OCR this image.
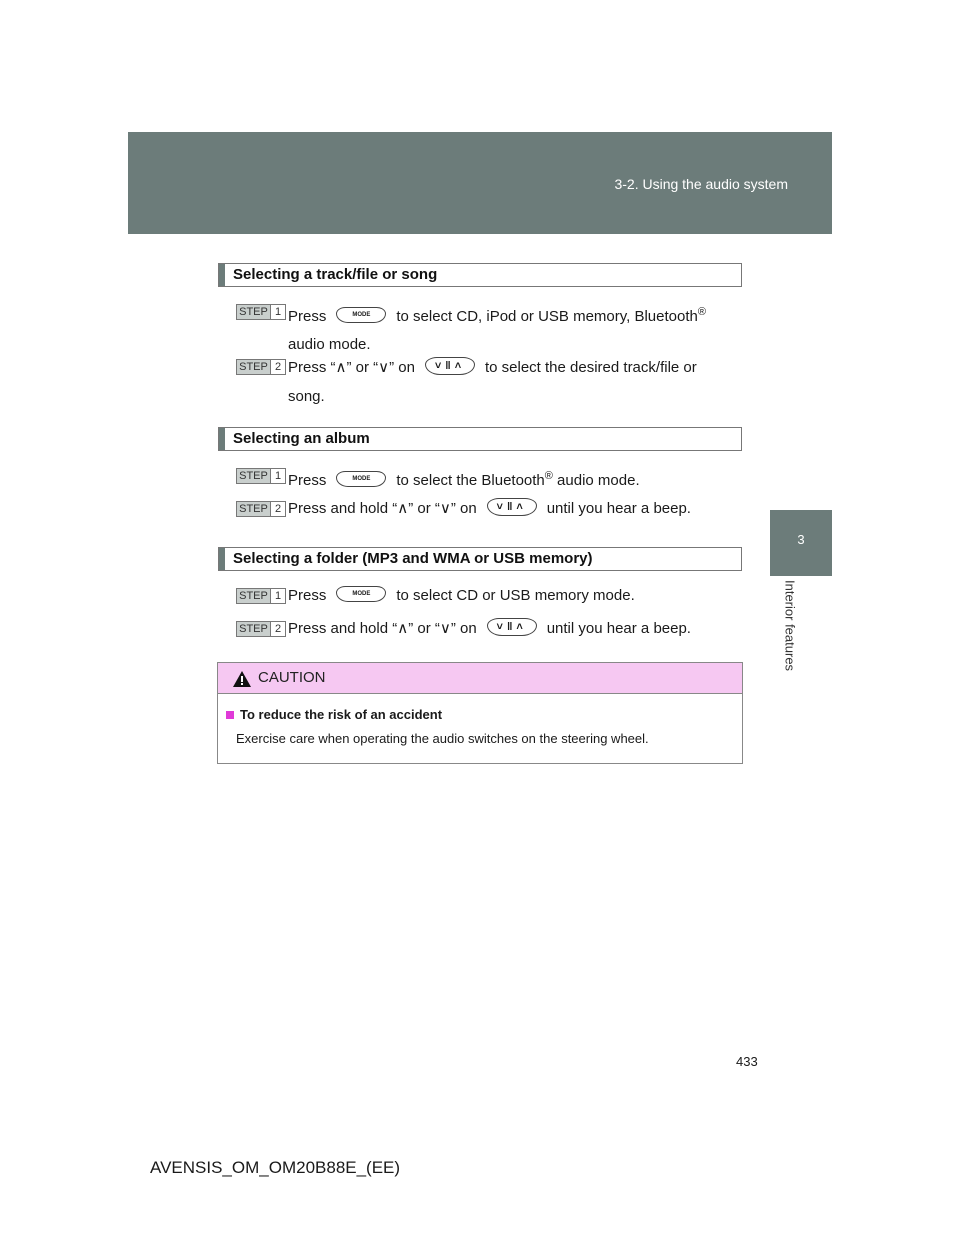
3-2. Using the audio system
3
Interior features
Selecting a track/file or song
STEP 1 Press	MODE to select CD, iPod or USB memory, Bluetooth®
audio mode.
STEP 2 Press “∧” or “∨” on ˅‖˄ to select the desired track/file or
song.
Selecting an album
STEP 1 Press	MODE to select the Bluetooth® audio mode.
STEP 2 Press and hold “∧” or “∨” on ˅‖˄ until you hear a beep.
Selecting a folder (MP3 and WMA or USB memory)
STEP 1 Press	MODE to select CD or USB memory mode.
STEP 2 Press and hold “∧” or “∨” on ˅‖˄ until you hear a beep.
CAUTION
To reduce the risk of an accident
Exercise care when operating the audio switches on the steering wheel.
433
AVENSIS_OM_OM20B88E_(EE)
